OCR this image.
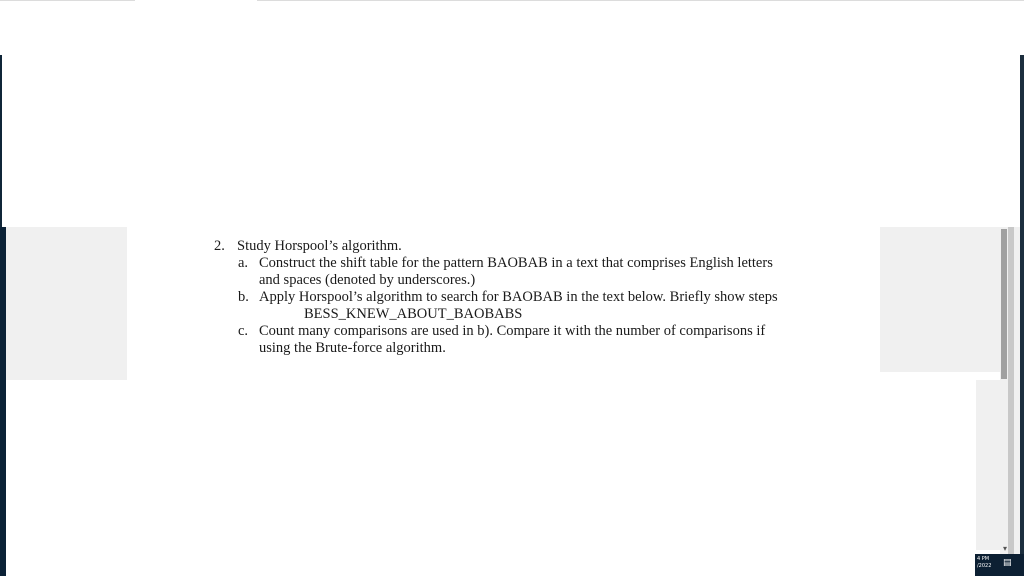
2. Study Horspool’s algorithm.
a. Construct the shift table for the pattern BAOBAB in a text that comprises English letters
and spaces (denoted by underscores.)
b. Apply Horspool’s algorithm to search for BAOBAB in the text below. Briefly show steps
BESS_KNEW_ABOUT_BAOBABS
c. Count many comparisons are used in b). Compare it with the number of comparisons if
using the Brute-force algorithm.
▾
4 PM
/2022 ▤
